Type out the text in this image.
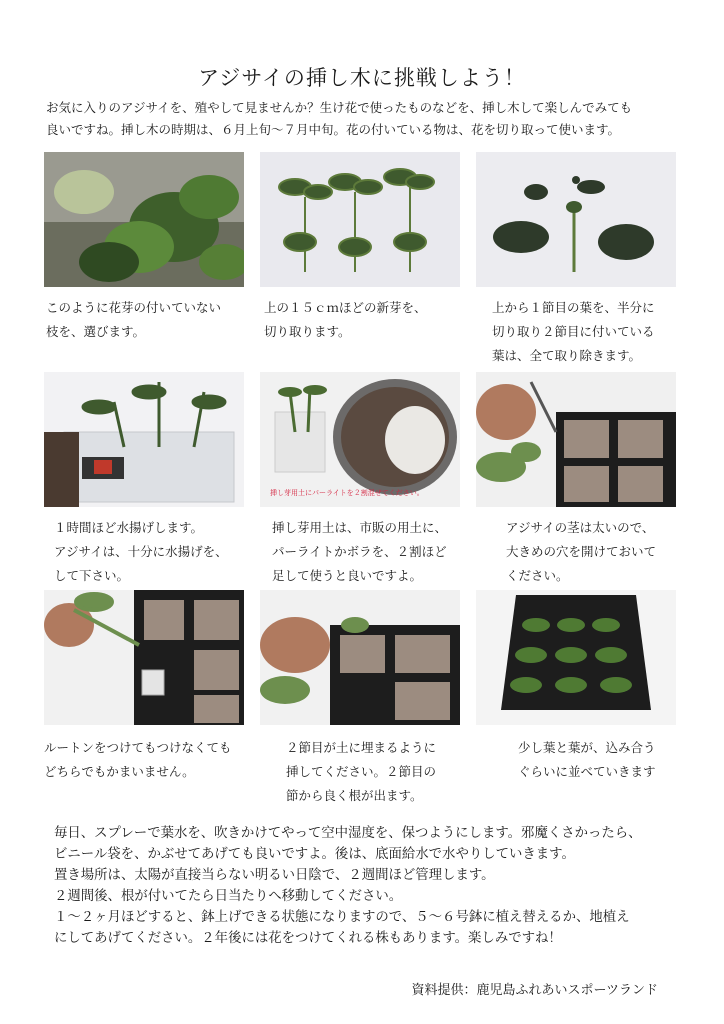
アジサイの挿し木に挑戦しよう！
お気に入りのアジサイを、殖やして見ませんか？生け花で使ったものなどを、挿し木して楽しんでみても
良いですね。挿し木の時期は、６月上旬～７月中旬。花の付いている物は、花を切り取って使います。
このように花芽の付いていない
枝を、選びます。
上の１５ｃｍほどの新芽を、
切り取ります。
上から１節目の葉を、半分に
切り取り２節目に付いている
葉は、全て取り除きます。
挿し芽用土にパーライトを２割混ぜてください。
１時間ほど水揚げします。
アジサイは、十分に水揚げを、
して下さい。
挿し芽用土は、市販の用土に、
パーライトかボラを、２割ほど
足して使うと良いですよ。
アジサイの茎は太いので、
大きめの穴を開けておいて
ください。
ルートンをつけてもつけなくても
どちらでもかまいません。
２節目が土に埋まるように
挿してください。２節目の
節から良く根が出ます。
少し葉と葉が、込み合う
ぐらいに並べていきます

毎日、スプレーで葉水を、吹きかけてやって空中湿度を、保つようにします。邪魔くさかったら、

ビニール袋を、かぶせてあげても良いですよ。後は、底面給水で水やりしていきます。

置き場所は、太陽が直接当らない明るい日陰で、２週間ほど管理します。

２週間後、根が付いてたら日当たりへ移動してください。

１～２ヶ月ほどすると、鉢上げできる状態になりますので、５～６号鉢に植え替えるか、地植え

にしてあげてください。２年後には花をつけてくれる株もあります。楽しみですね！

資料提供：鹿児島ふれあいスポーツランド
